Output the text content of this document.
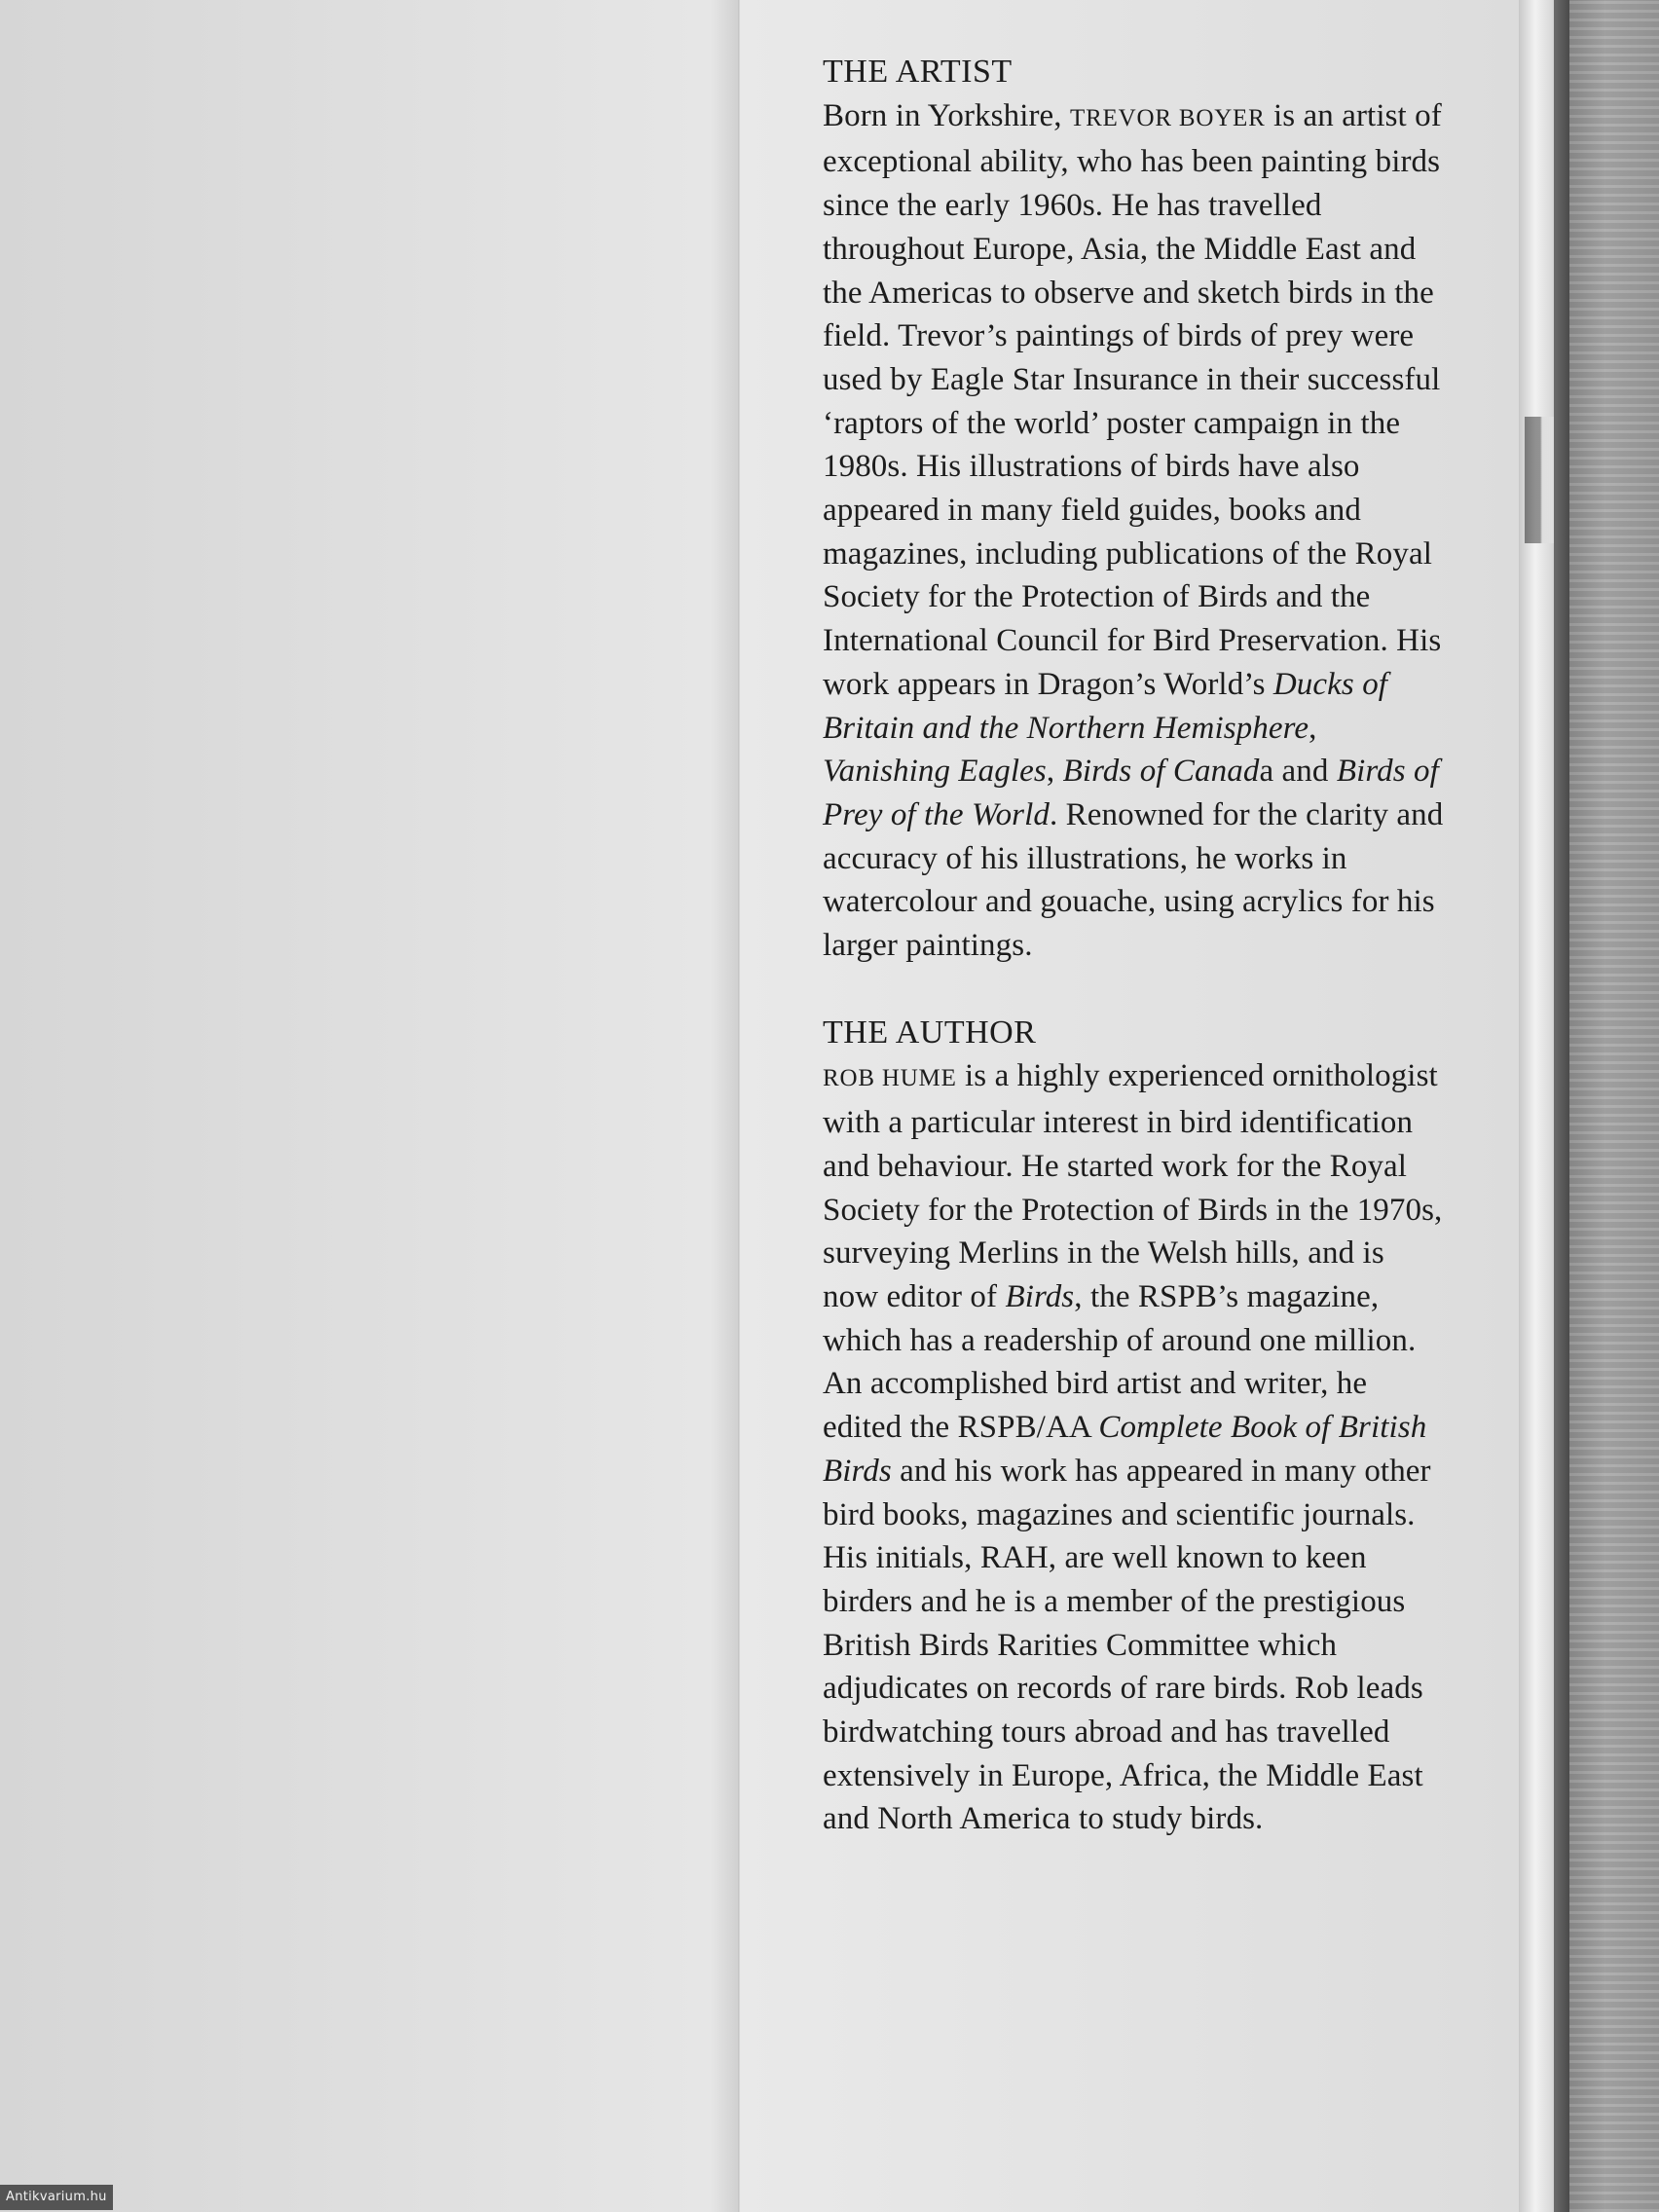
THE ARTIST

Born in Yorkshire, TREVOR BOYER is an artist of exceptional ability, who has been painting birds since the early 1960s. He has travelled throughout Europe, Asia, the Middle East and the Americas to observe and sketch birds in the field. Trevor’s paintings of birds of prey were used by Eagle Star Insurance in their successful ‘raptors of the world’ poster campaign in the 1980s. His illustrations of birds have also appeared in many field guides, books and magazines, including publications of the Royal Society for the Protection of Birds and the International Council for Bird Preservation. His work appears in Dragon’s World’s Ducks of Britain and the Northern Hemisphere, Vanishing Eagles, Birds of Canada and Birds of Prey of the World. Renowned for the clarity and accuracy of his illustrations, he works in watercolour and gouache, using acrylics for his larger paintings.

THE AUTHOR

ROB HUME is a highly experienced ornithologist with a particular interest in bird identification and behaviour. He started work for the Royal Society for the Protection of Birds in the 1970s, surveying Merlins in the Welsh hills, and is now editor of Birds, the RSPB’s magazine, which has a readership of around one million. An accomplished bird artist and writer, he edited the RSPB/AA Complete Book of British Birds and his work has appeared in many other bird books, magazines and scientific journals. His initials, RAH, are well known to keen birders and he is a member of the prestigious British Birds Rarities Committee which adjudicates on records of rare birds. Rob leads birdwatching tours abroad and has travelled extensively in Europe, Africa, the Middle East and North America to study birds.

Antikvarium.hu
